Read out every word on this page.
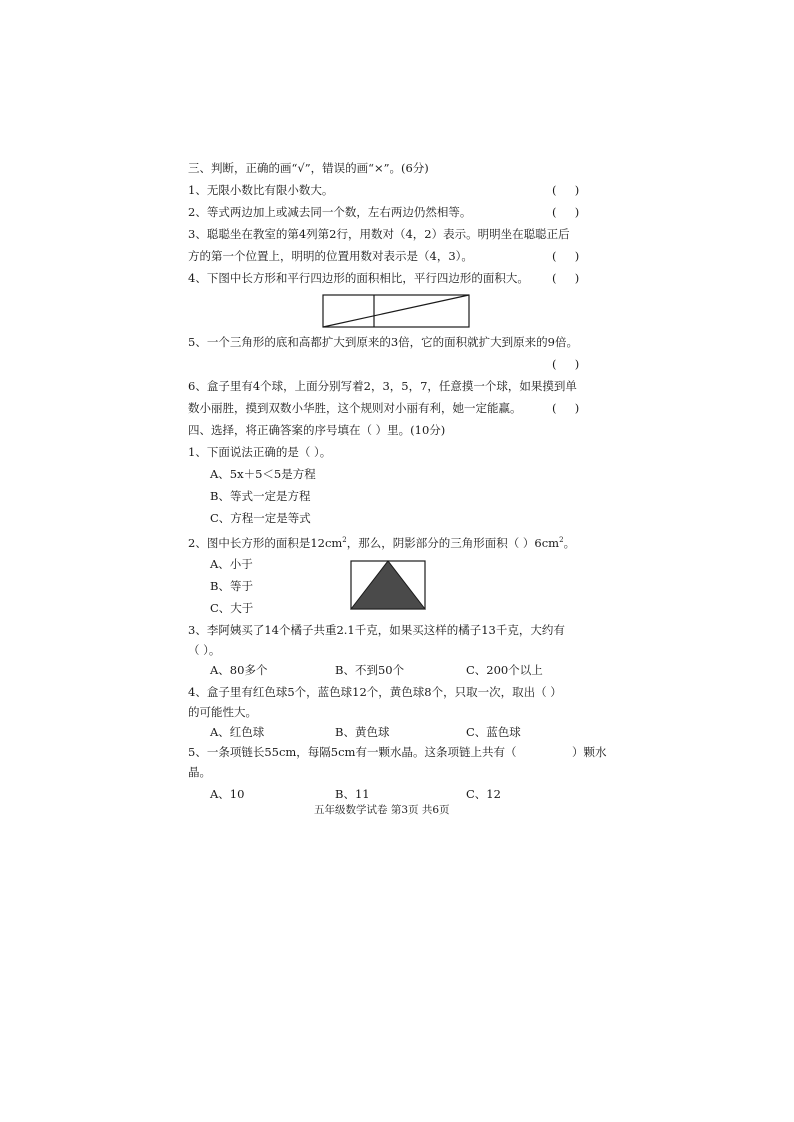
三、判断，正确的画“√”，错误的画“×”。(6分)
1、无限小数比有限小数大。	(     )
2、等式两边加上或减去同一个数，左右两边仍然相等。	(     )
3、聪聪坐在教室的第4列第2行，用数对（4，2）表示。明明坐在聪聪正后
方的第一个位置上，明明的位置用数对表示是（4，3）。	(     )
4、下图中长方形和平行四边形的面积相比，平行四边形的面积大。 (     )
5、一个三角形的底和高都扩大到原来的3倍，它的面积就扩大到原来的9倍。
(     )
6、盒子里有4个球，上面分别写着2，3，5，7，任意摸一个球，如果摸到单
数小丽胜，摸到双数小华胜，这个规则对小丽有利，她一定能赢。	(     )
四、选择，将正确答案的序号填在（ ）里。(10分)
1、下面说法正确的是（ ）。
A、5x＋5＜5是方程
B、等式一定是方程
C、方程一定是等式
2、图中长方形的面积是$12cm^2$，那么，阴影部分的三角形面积（ ）$6cm^2$。
A、小于
B、等于
C、大于
3、李阿姨买了14个橘子共重2.1千克，如果买这样的橘子13千克，大约有
（ ）。
A、80多个	B、不到50个	C、200个以上
4、盒子里有红色球5个，蓝色球12个，黄色球8个，只取一次，取出（ ）
的可能性大。
A、红色球	B、黄色球	C、蓝色球
5、一条项链长55cm，每隔5cm有一颗水晶。这条项链上共有（	）颗水
晶。
A、10	B、11	C、12
五年级数学试卷 第3页 共6页
